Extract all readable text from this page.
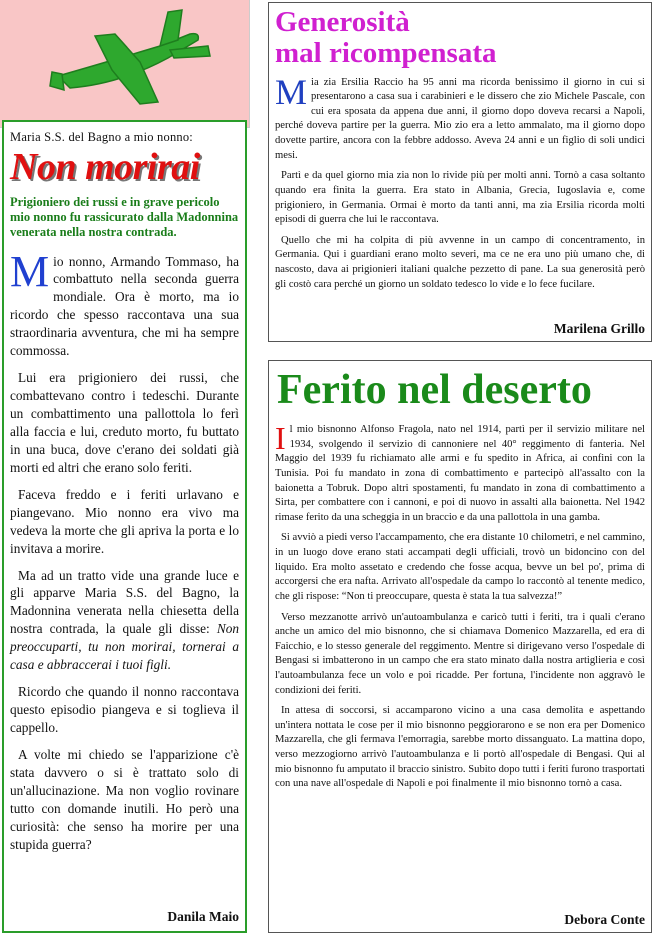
Maria S.S. del Bagno a mio nonno:
Non morirai
Prigioniero dei russi e in grave pericolo mio nonno fu rassicurato dalla Madonnina venerata nella nostra contrada.

Mio nonno, Armando Tommaso, ha combattuto nella seconda guerra mondiale. Ora è morto, ma io ricordo che spesso raccontava una sua straordinaria avventura, che mi ha sempre commossa.

Lui era prigioniero dei russi, che combattevano contro i tedeschi. Durante un combattimento una pallottola lo ferì alla faccia e lui, creduto morto, fu buttato in una buca, dove c'erano dei soldati già morti ed altri che erano solo feriti.

Faceva freddo e i feriti urlavano e piangevano. Mio nonno era vivo ma vedeva la morte che gli apriva la porta e lo invitava a morire.

Ma ad un tratto vide una grande luce e gli apparve Maria S.S. del Bagno, la Madonnina venerata nella chiesetta della nostra contrada, la quale gli disse: Non preoccuparti, tu non morirai, tornerai a casa e abbraccerai i tuoi figli.

Ricordo che quando il nonno raccontava questo episodio piangeva e si toglieva il cappello.

A volte mi chiedo se l'apparizione c'è stata davvero o si è trattato solo di un'allucinazione. Ma non voglio rovinare tutto con domande inutili. Ho però una curiosità: che senso ha morire per una stupida guerra?

Danila Maio
Generosità
mal ricompensata

Mia zia Ersilia Raccio ha 95 anni ma ricorda benissimo il giorno in cui si presentarono a casa sua i carabinieri e le dissero che zio Michele Pascale, con cui era sposata da appena due anni, il giorno dopo doveva recarsi a Napoli, perché doveva partire per la guerra. Mio zio era a letto ammalato, ma il giorno dopo dovette partire, ancora con la febbre addosso. Aveva 24 anni e un figlio di soli undici mesi.

Partì e da quel giorno mia zia non lo rivide più per molti anni. Tornò a casa soltanto quando era finita la guerra. Era stato in Albania, Grecia, Iugoslavia e, come prigioniero, in Germania. Ormai è morto da tanti anni, ma zia Ersilia ricorda molti episodi di guerra che lui le raccontava.

Quello che mi ha colpita di più avvenne in un campo di concentramento, in Germania. Qui i guardiani erano molto severi, ma ce ne era uno più umano che, di nascosto, dava ai prigionieri italiani qualche pezzetto di pane. La sua generosità però gli costò cara perché un giorno un soldato tedesco lo vide e lo fece fucilare.

Marilena Grillo
Ferito nel deserto

Il mio bisnonno Alfonso Fragola, nato nel 1914, partì per il servizio militare nel 1934, svolgendo il servizio di cannoniere nel 40° reggimento di fanteria. Nel Maggio del 1939 fu richiamato alle armi e fu spedito in Africa, ai confini con la Tunisia. Poi fu mandato in zona di combattimento e partecipò all'assalto con la baionetta a Tobruk. Dopo altri spostamenti, fu mandato in zona di combattimento a Sirta, per combattere con i cannoni, e poi di nuovo in assalti alla baionetta. Nel 1942 rimase ferito da una scheggia in un braccio e da una pallottola in una gamba.

Si avviò a piedi verso l'accampamento, che era distante 10 chilometri, e nel cammino, in un luogo dove erano stati accampati degli ufficiali, trovò un bidoncino con del liquido. Era molto assetato e credendo che fosse acqua, bevve un bel po', prima di accorgersi che era nafta. Arrivato all'ospedale da campo lo raccontò al tenente medico, che gli rispose: “Non ti preoccupare, questa è stata la tua salvezza!”

Verso mezzanotte arrivò un'autoambulanza e caricò tutti i feriti, tra i quali c'erano anche un amico del mio bisnonno, che si chiamava Domenico Mazzarella, ed era di Faicchio, e lo stesso generale del reggimento. Mentre si dirigevano verso l'ospedale di Bengasi si imbatterono in un campo che era stato minato dalla nostra artiglieria e così l'autoambulanza fece un volo e poi ricadde. Per fortuna, l'incidente non aggravò le condizioni dei feriti.

In attesa di soccorsi, si accamparono vicino a una casa demolita e aspettando un'intera nottata le cose per il mio bisnonno peggiorarono e se non era per Domenico Mazzarella, che gli fermava l'emorragia, sarebbe morto dissanguato. La mattina dopo, verso mezzogiorno arrivò l'autoambulanza e li portò all'ospedale di Bengasi. Qui al mio bisnonno fu amputato il braccio sinistro. Subito dopo tutti i feriti furono trasportati con una nave all'ospedale di Napoli e poi finalmente il mio bisnonno tornò a casa.

Debora Conte
